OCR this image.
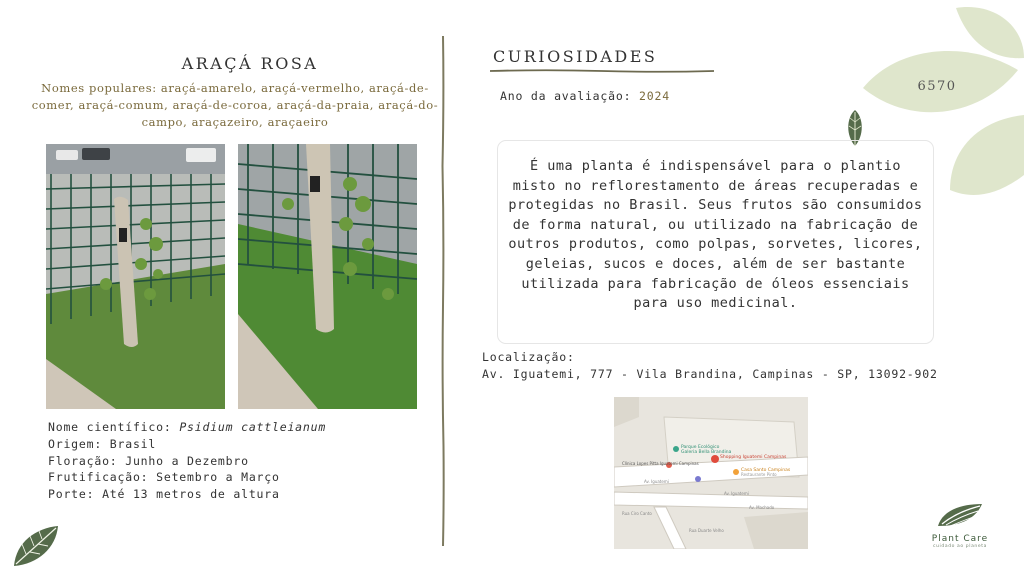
ARAÇÁ ROSA
Nomes populares: araçá-amarelo, araçá-vermelho, araçá-de-comer, araçá-comum, araçá-de-coroa, araçá-da-praia, araçá-do-campo, araçazeiro, araçaeiro
Nome científico: Psidium cattleianum
Origem: Brasil
Floração: Junho a Dezembro
Frutificação: Setembro a Março
Porte: Até 13 metros de altura
CURIOSIDADES
Ano da avaliação: 2024
6570
É uma planta é indispensável para o plantio misto no reflorestamento de áreas recuperadas e protegidas no Brasil. Seus frutos são consumidos de forma natural, ou utilizado na fabricação de outros produtos, como polpas, sorvetes, licores, geleias, sucos e doces, além de ser bastante utilizada para fabricação de óleos essenciais para uso medicinal.
Localização:
Av. Iguatemi, 777 - Vila Brandina, Campinas - SP, 13092-902
Parque Ecológico
Galeria Bella Brandina
Shopping Iguatemi Campinas
Clínica Lopes Pitta Iguatemi Campinas
Casa Santo Campinas
Restaurante Pinto
Av. Iguatemi
Av. Iguatemi
Av. Machado
Rua Ciro Canto
Rua Duarte Velho
Plant Care
cuidado ao planeta
